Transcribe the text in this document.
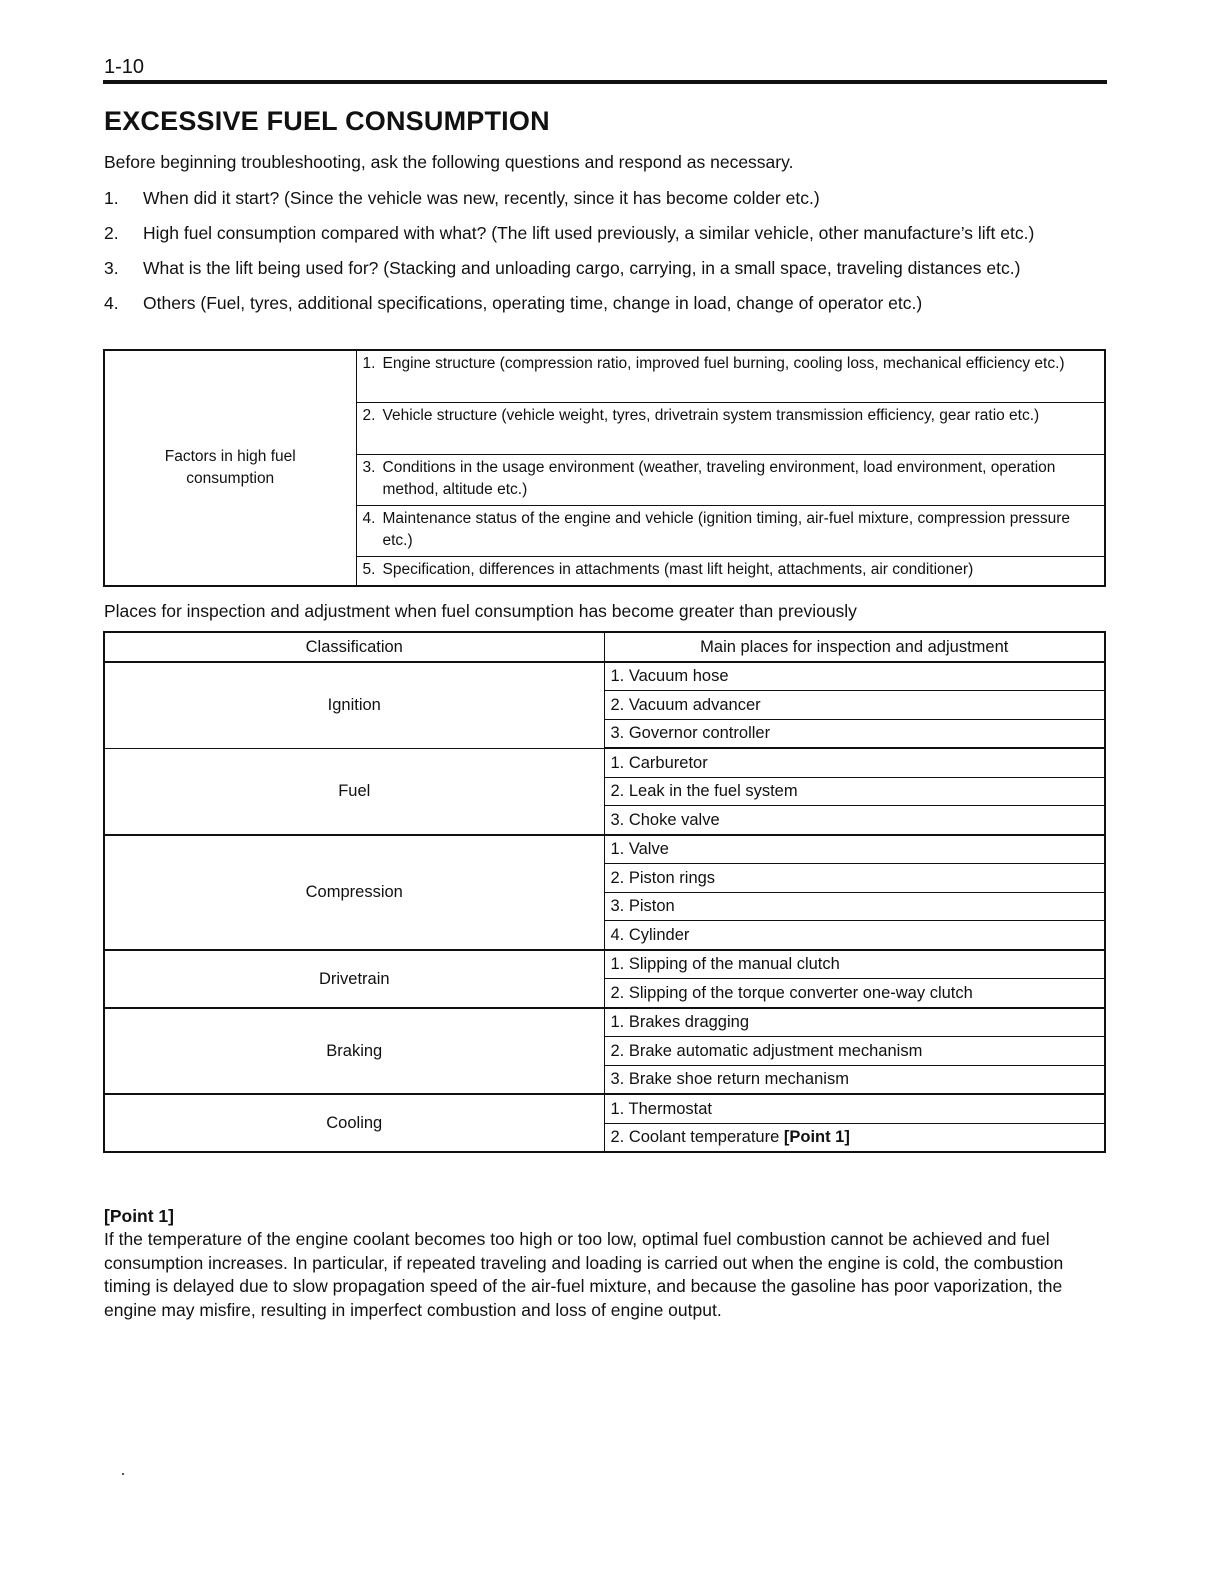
1-10
EXCESSIVE FUEL CONSUMPTION

Before beginning troubleshooting, ask the following questions and respond as necessary.

1.	When did it start? (Since the vehicle was new, recently, since it has become colder etc.)
2.	High fuel consumption compared with what? (The lift used previously, a similar vehicle, other manufacture’s lift etc.)
3.	What is the lift being used for? (Stacking and unloading cargo, carrying, in a small space, traveling distances etc.)
4.	Others (Fuel, tyres, additional specifications, operating time, change in load, change of operator etc.)
Factors in high fuel consumption

1. Engine structure (compression ratio, improved fuel burning, cooling loss, mechanical efficiency etc.)

2. Vehicle structure (vehicle weight, tyres, drivetrain system transmission efficiency, gear ratio etc.)

3. Conditions in the usage environment (weather, traveling environment, load environment, operation method, altitude etc.)

4. Maintenance status of the engine and vehicle (ignition timing, air-fuel mixture, compression pressure etc.)

5. Specification, differences in attachments (mast lift height, attachments, air conditioner)

Places for inspection and adjustment when fuel consumption has become greater than previously

Classification	Main places for inspection and adjustment
Ignition	1. Vacuum hose
	2. Vacuum advancer
	3. Governor controller
Fuel	1. Carburetor
	2. Leak in the fuel system
	3. Choke valve
Compression	1. Valve
	2. Piston rings
	3. Piston
	4. Cylinder
Drivetrain	1. Slipping of the manual clutch
	2. Slipping of the torque converter one-way clutch
Braking	1. Brakes dragging
	2. Brake automatic adjustment mechanism
	3. Brake shoe return mechanism
Cooling	1. Thermostat
	2. Coolant temperature [Point 1]

[Point 1]

If the temperature of the engine coolant becomes too high or too low, optimal fuel combustion cannot be achieved and fuel consumption increases. In particular, if repeated traveling and loading is carried out when the engine is cold, the combustion timing is delayed due to slow propagation speed of the air-fuel mixture, and because the gasoline has poor vaporization, the engine may misfire, resulting in imperfect combustion and loss of engine output.
